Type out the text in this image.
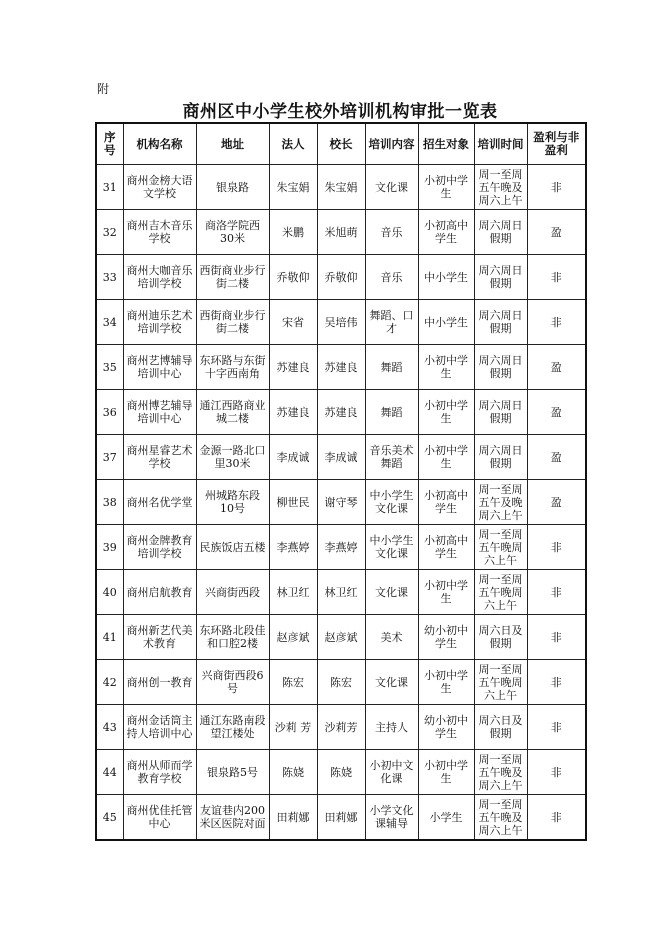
附
商州区中小学生校外培训机构审批一览表
序号	机构名称	地址	法人	校长	培训内容	招生对象	培训时间	盈利与非盈利
31	商州金榜大语文学校	银泉路	朱宝娟	朱宝娟	文化课	小初中学生	周一至周五午晚及周六上午	非
32	商州吉木音乐学校	商洛学院西30米	米鹏	米旭萌	音乐	小初高中学生	周六周日假期	盈
33	商州大咖音乐培训学校	西街商业步行街二楼	乔敬仰	乔敬仰	音乐	中小学生	周六周日假期	非
34	商州迪乐艺术培训学校	西街商业步行街二楼	宋省	吴培伟	舞蹈、口才	中小学生	周六周日假期	非
35	商州艺博辅导培训中心	东环路与东街十字西南角	苏建良	苏建良	舞蹈	小初中学生	周六周日假期	盈
36	商州博艺辅导培训中心	通江西路商业城二楼	苏建良	苏建良	舞蹈	小初中学生	周六周日假期	盈
37	商州星睿艺术学校	金源一路北口里30米	李成诚	李成诚	音乐美术舞蹈	小初中学生	周六周日假期	盈
38	商州名优学堂	州城路东段10号	柳世民	谢守琴	中小学生文化课	小初高中学生	周一至周五午及晚周六上午	盈
39	商州金牌教育培训学校	民族饭店五楼	李燕婷	李燕婷	中小学生文化课	小初高中学生	周一至周五午晚周六上午	非
40	商州启航教育	兴商街西段	林卫红	林卫红	文化课	小初中学生	周一至周五午晚周六上午	非
41	商州新艺代美术教育	东环路北段佳和口腔2楼	赵彦斌	赵彦斌	美术	幼小初中学生	周六日及假期	非
42	商州创一教育	兴商街西段6号	陈宏	陈宏	文化课	小初中学生	周一至周五午晚周六上午	非
43	商州金话筒主持人培训中心	通江东路南段望江楼处	沙莉 芳	沙莉芳	主持人	幼小初中学生	周六日及假期	非
44	商州从师而学教育学校	银泉路5号	陈娆	陈娆	小初中文化课	小初中学生	周一至周五午晚及周六上午	非
45	商州优佳托管中心	友谊巷内200米区医院对面	田莉娜	田莉娜	小学文化课辅导	小学生	周一至周五午晚及周六上午	非
